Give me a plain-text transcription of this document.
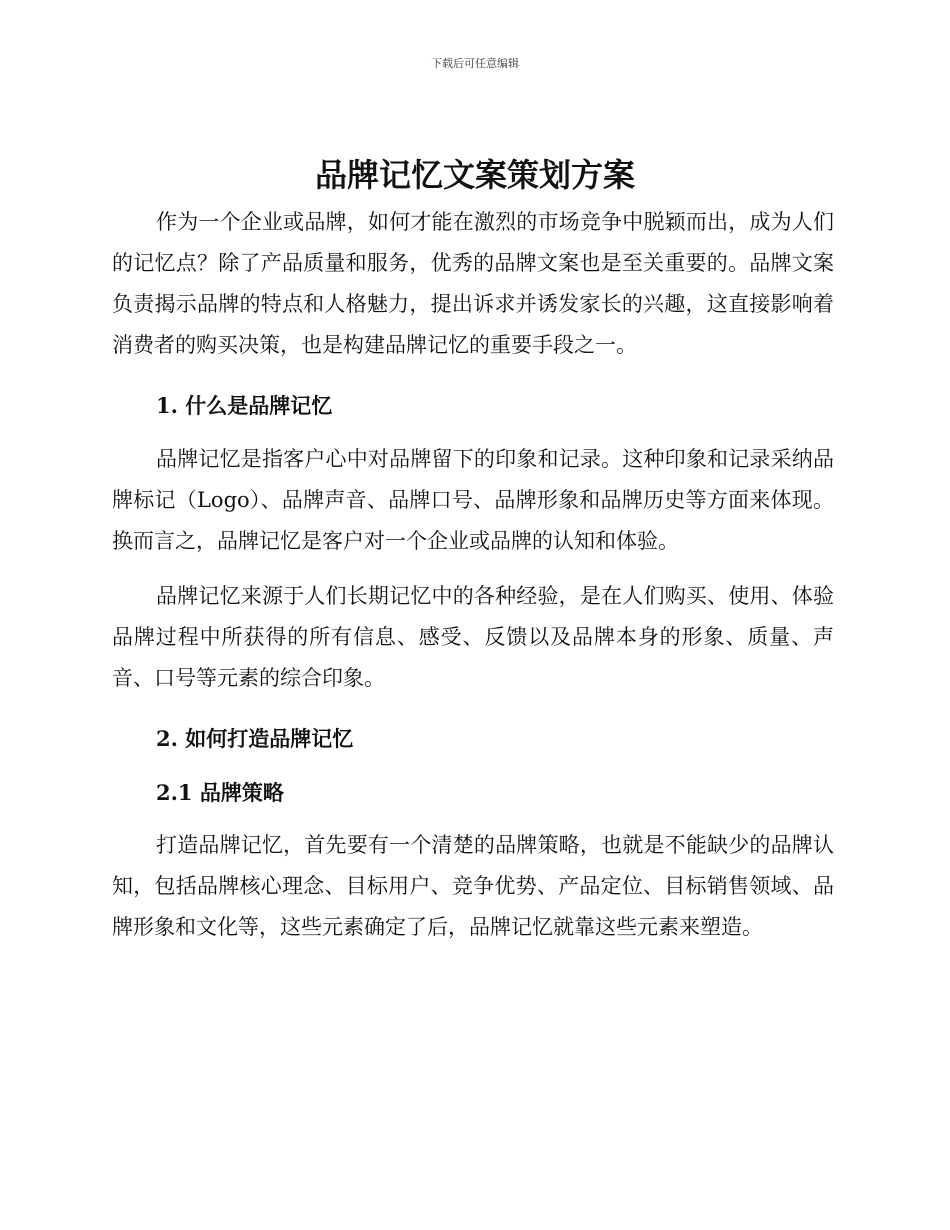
下载后可任意编辑
品牌记忆文案策划方案

作为一个企业或品牌，如何才能在激烈的市场竞争中脱颖而出，成为人们的记忆点？除了产品质量和服务，优秀的品牌文案也是至关重要的。品牌文案负责揭示品牌的特点和人格魅力，提出诉求并诱发家长的兴趣，这直接影响着消费者的购买决策，也是构建品牌记忆的重要手段之一。

1. 什么是品牌记忆

品牌记忆是指客户心中对品牌留下的印象和记录。这种印象和记录采纳品牌标记（Logo）、品牌声音、品牌口号、品牌形象和品牌历史等方面来体现。换而言之，品牌记忆是客户对一个企业或品牌的认知和体验。

品牌记忆来源于人们长期记忆中的各种经验，是在人们购买、使用、体验品牌过程中所获得的所有信息、感受、反馈以及品牌本身的形象、质量、声音、口号等元素的综合印象。

2. 如何打造品牌记忆
2.1 品牌策略

打造品牌记忆，首先要有一个清楚的品牌策略，也就是不能缺少的品牌认知，包括品牌核心理念、目标用户、竞争优势、产品定位、目标销售领域、品牌形象和文化等，这些元素确定了后，品牌记忆就靠这些元素来塑造。
